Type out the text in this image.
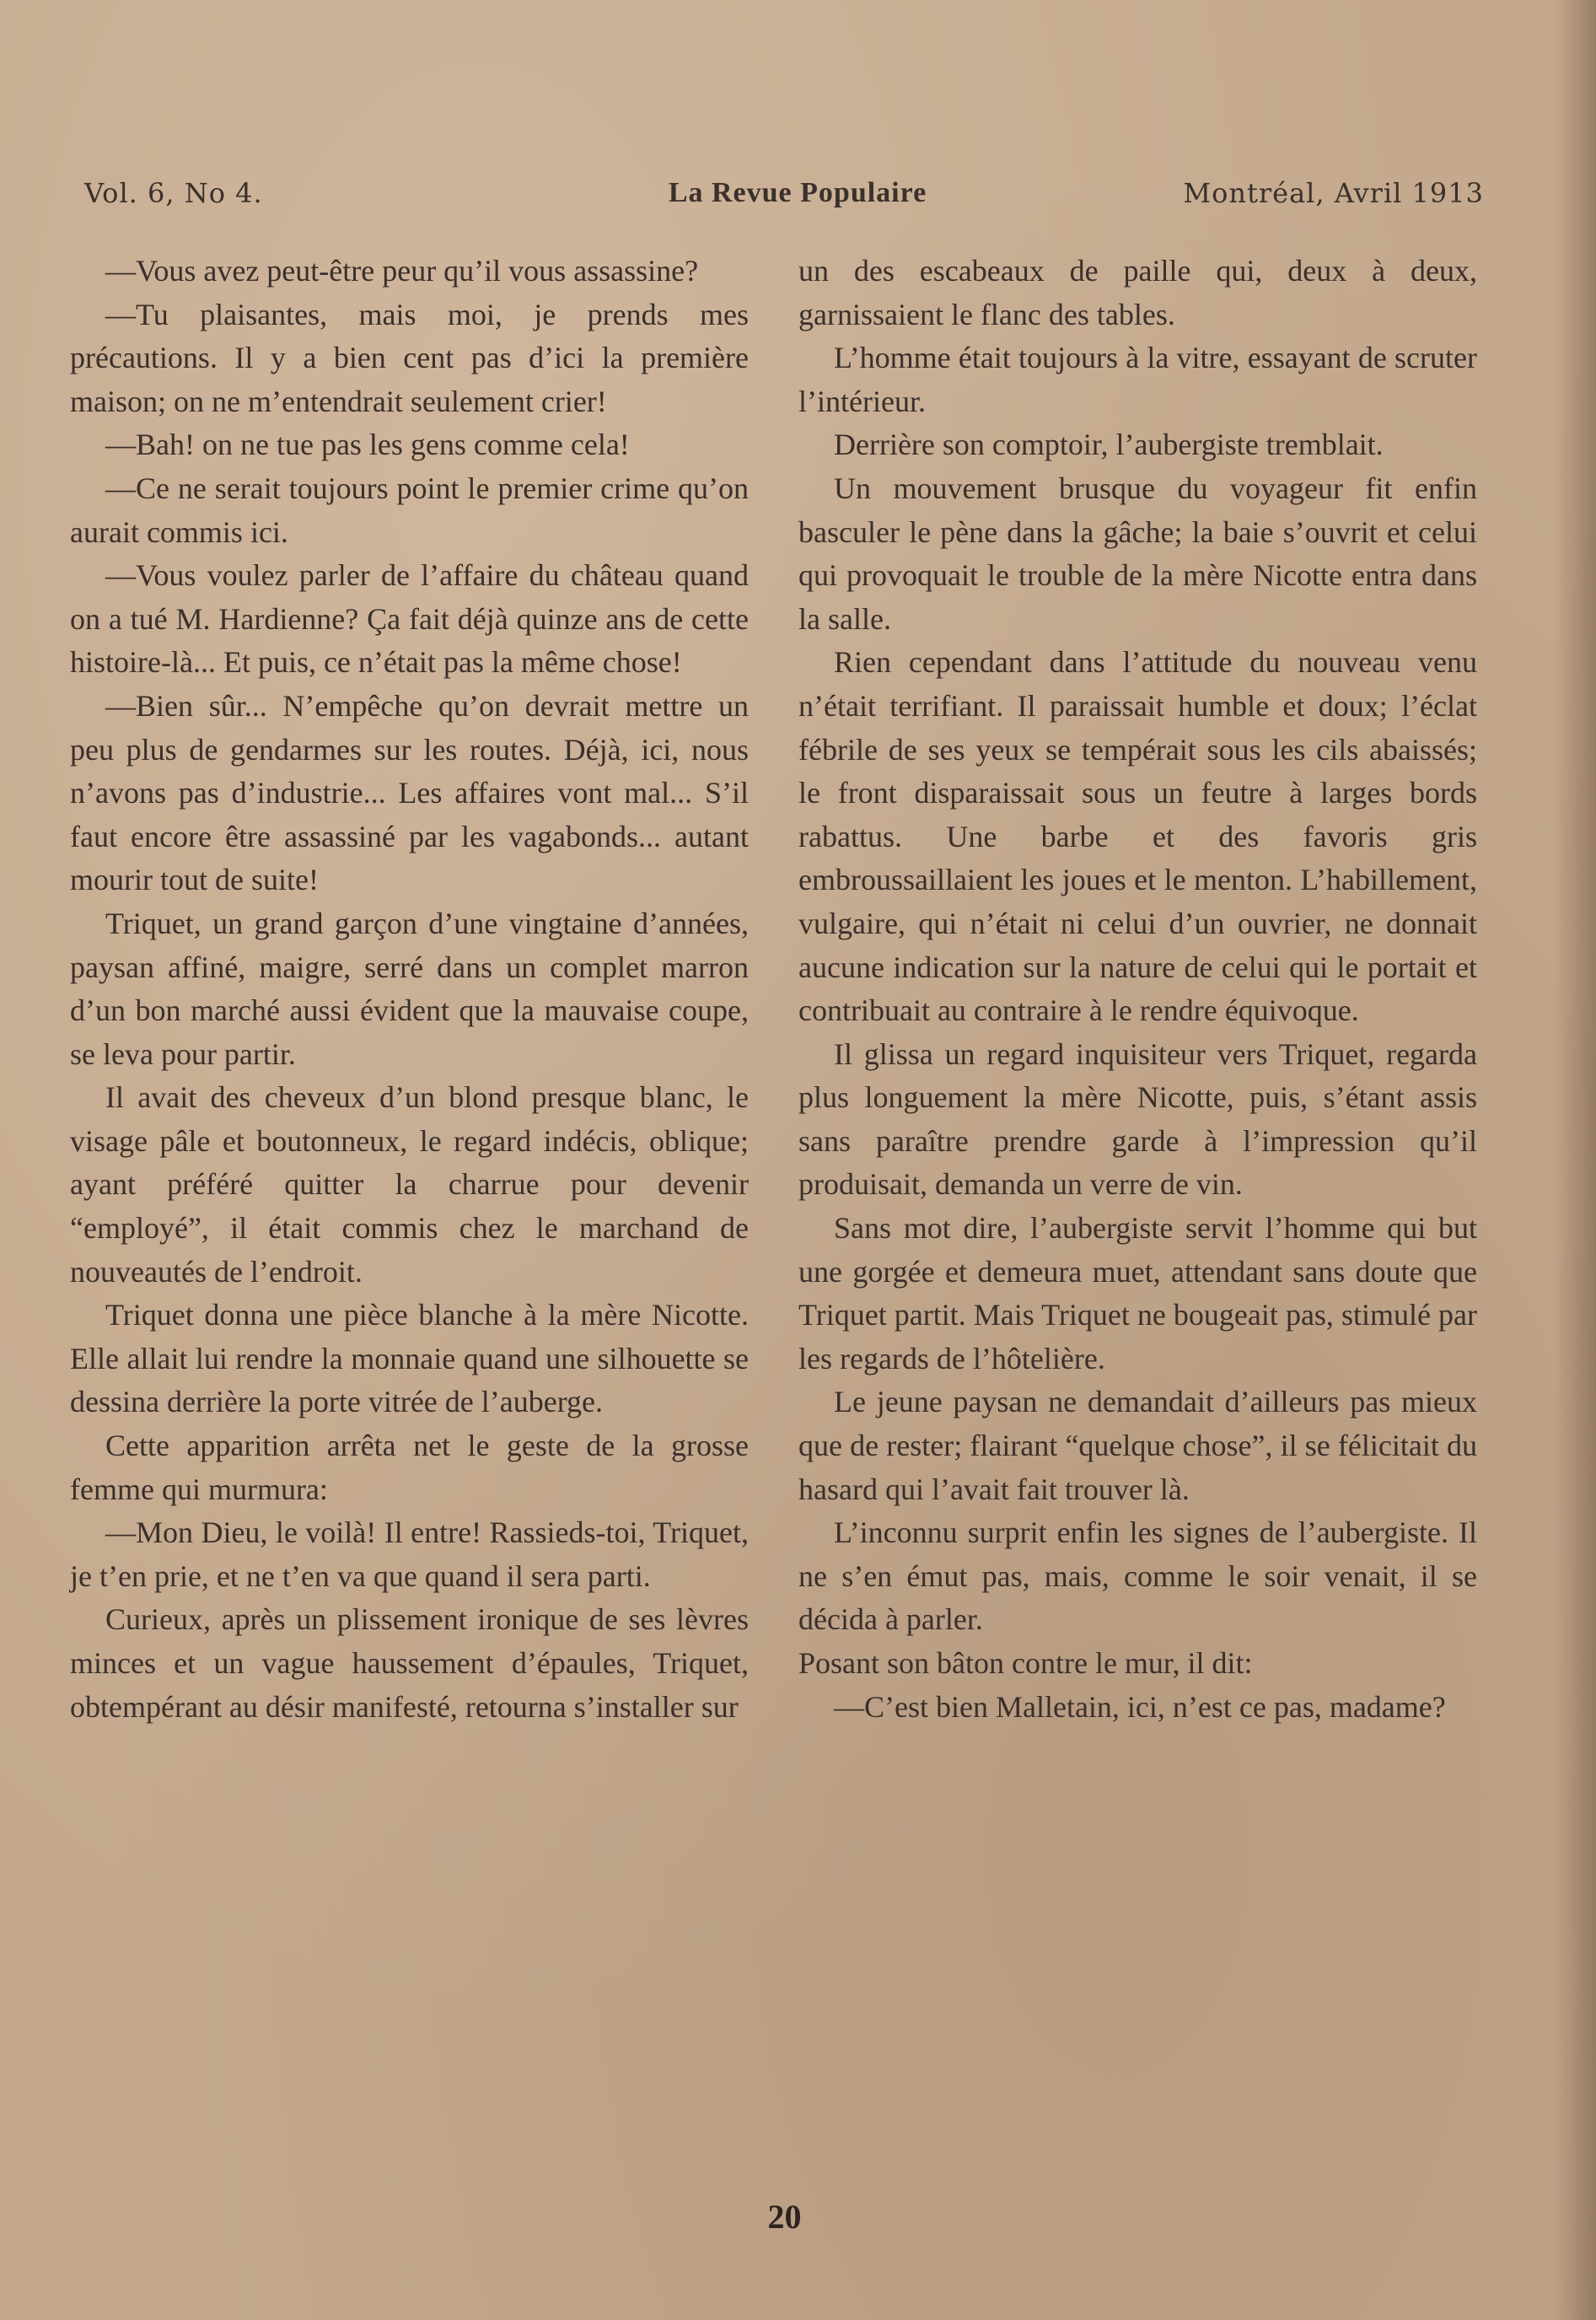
Vol. 6, No 4.	La Revue Populaire	Montréal, Avril 1913

—Vous avez peut-être peur qu’il vous assassine?

—Tu plaisantes, mais moi, je prends mes précautions. Il y a bien cent pas d’ici la première maison; on ne m’entendrait seulement crier!

—Bah! on ne tue pas les gens comme cela!

—Ce ne serait toujours point le premier crime qu’on aurait commis ici.

—Vous voulez parler de l’affaire du château quand on a tué M. Hardienne? Ça fait déjà quinze ans de cette histoire-là... Et puis, ce n’était pas la même chose!

—Bien sûr... N’empêche qu’on devrait mettre un peu plus de gendarmes sur les routes. Déjà, ici, nous n’avons pas d’industrie... Les affaires vont mal... S’il faut encore être assassiné par les vagabonds... autant mourir tout de suite!

Triquet, un grand garçon d’une vingtaine d’années, paysan affiné, maigre, serré dans un complet marron d’un bon marché aussi évident que la mauvaise coupe, se leva pour partir.

Il avait des cheveux d’un blond presque blanc, le visage pâle et boutonneux, le regard indécis, oblique; ayant préféré quitter la charrue pour devenir “employé”, il était commis chez le marchand de nouveautés de l’endroit.

Triquet donna une pièce blanche à la mère Nicotte. Elle allait lui rendre la monnaie quand une silhouette se dessina derrière la porte vitrée de l’auberge.

Cette apparition arrêta net le geste de la grosse femme qui murmura:

—Mon Dieu, le voilà! Il entre! Rassieds-toi, Triquet, je t’en prie, et ne t’en va que quand il sera parti.

Curieux, après un plissement ironique de ses lèvres minces et un vague haussement d’épaules, Triquet, obtempérant au désir manifesté, retourna s’installer sur

un des escabeaux de paille qui, deux à deux, garnissaient le flanc des tables.

L’homme était toujours à la vitre, essayant de scruter l’intérieur.

Derrière son comptoir, l’aubergiste tremblait.

Un mouvement brusque du voyageur fit enfin basculer le pène dans la gâche; la baie s’ouvrit et celui qui provoquait le trouble de la mère Nicotte entra dans la salle.

Rien cependant dans l’attitude du nouveau venu n’était terrifiant. Il paraissait humble et doux; l’éclat fébrile de ses yeux se tempérait sous les cils abaissés; le front disparaissait sous un feutre à larges bords rabattus. Une barbe et des favoris gris embroussaillaient les joues et le menton. L’habillement, vulgaire, qui n’était ni celui d’un ouvrier, ne donnait aucune indication sur la nature de celui qui le portait et contribuait au contraire à le rendre équivoque.

Il glissa un regard inquisiteur vers Triquet, regarda plus longuement la mère Nicotte, puis, s’étant assis sans paraître prendre garde à l’impression qu’il produisait, demanda un verre de vin.

Sans mot dire, l’aubergiste servit l’homme qui but une gorgée et demeura muet, attendant sans doute que Triquet partit. Mais Triquet ne bougeait pas, stimulé par les regards de l’hôtelière.

Le jeune paysan ne demandait d’ailleurs pas mieux que de rester; flairant “quelque chose”, il se félicitait du hasard qui l’avait fait trouver là.

L’inconnu surprit enfin les signes de l’aubergiste. Il ne s’en émut pas, mais, comme le soir venait, il se décida à parler.

Posant son bâton contre le mur, il dit:

—C’est bien Malletain, ici, n’est ce pas, madame?

20
